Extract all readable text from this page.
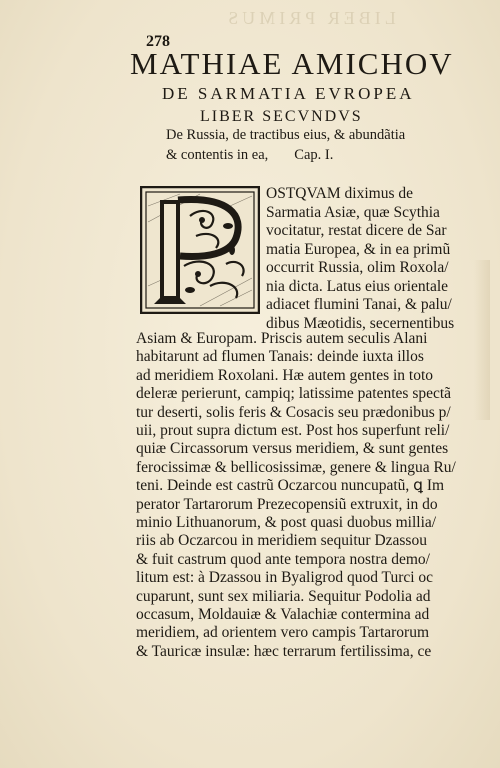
LIBER PRIMUS
278
MATHIAE AMICHOV
DE SARMATIA EVROPEA
LIBER SECVNDVS
De Russia, de tractibus eius, & abundãtia
& contentis in ea, Cap. I.
OSTQVAM diximus de
Sarmatia Asiæ, quæ Scythia
vocitatur, restat dicere de Sar
matia Europea, & in ea primũ
occurrit Russia, olim Roxola/
nia dicta. Latus eius orientale
adiacet flumini Tanai, & palu/
dibus Mæotidis, secernentibus
Asiam & Europam. Priscis autem seculis Alani
habitarunt ad flumen Tanais: deinde iuxta illos
ad meridiem Roxolani. Hæ autem gentes in toto
deleræ perierunt, campiq; latissime patentes spectã
tur deserti, solis feris & Cosacis seu prædonibus p/
uii, prout supra dictum est. Post hos superfunt reli/
quiæ Circassorum versus meridiem, & sunt gentes
ferocissimæ & bellicosissimæ, genere & lingua Ru/
teni. Deinde est castrũ Oczarcou nuncupatũ, ꝗ Im
perator Tartarorum Prezecopensiũ extruxit, in do
minio Lithuanorum, & post quasi duobus millia/
riis ab Oczarcou in meridiem sequitur Dzassou
& fuit castrum quod ante tempora nostra demo/
litum est: à Dzassou in Byaligrod quod Turci oc
cuparunt, sunt sex miliaria. Sequitur Podolia ad
occasum, Moldauiæ & Valachiæ contermina ad
meridiem, ad orientem vero campis Tartarorum
& Tauricæ insulæ: hæc terrarum fertilissima, ce
